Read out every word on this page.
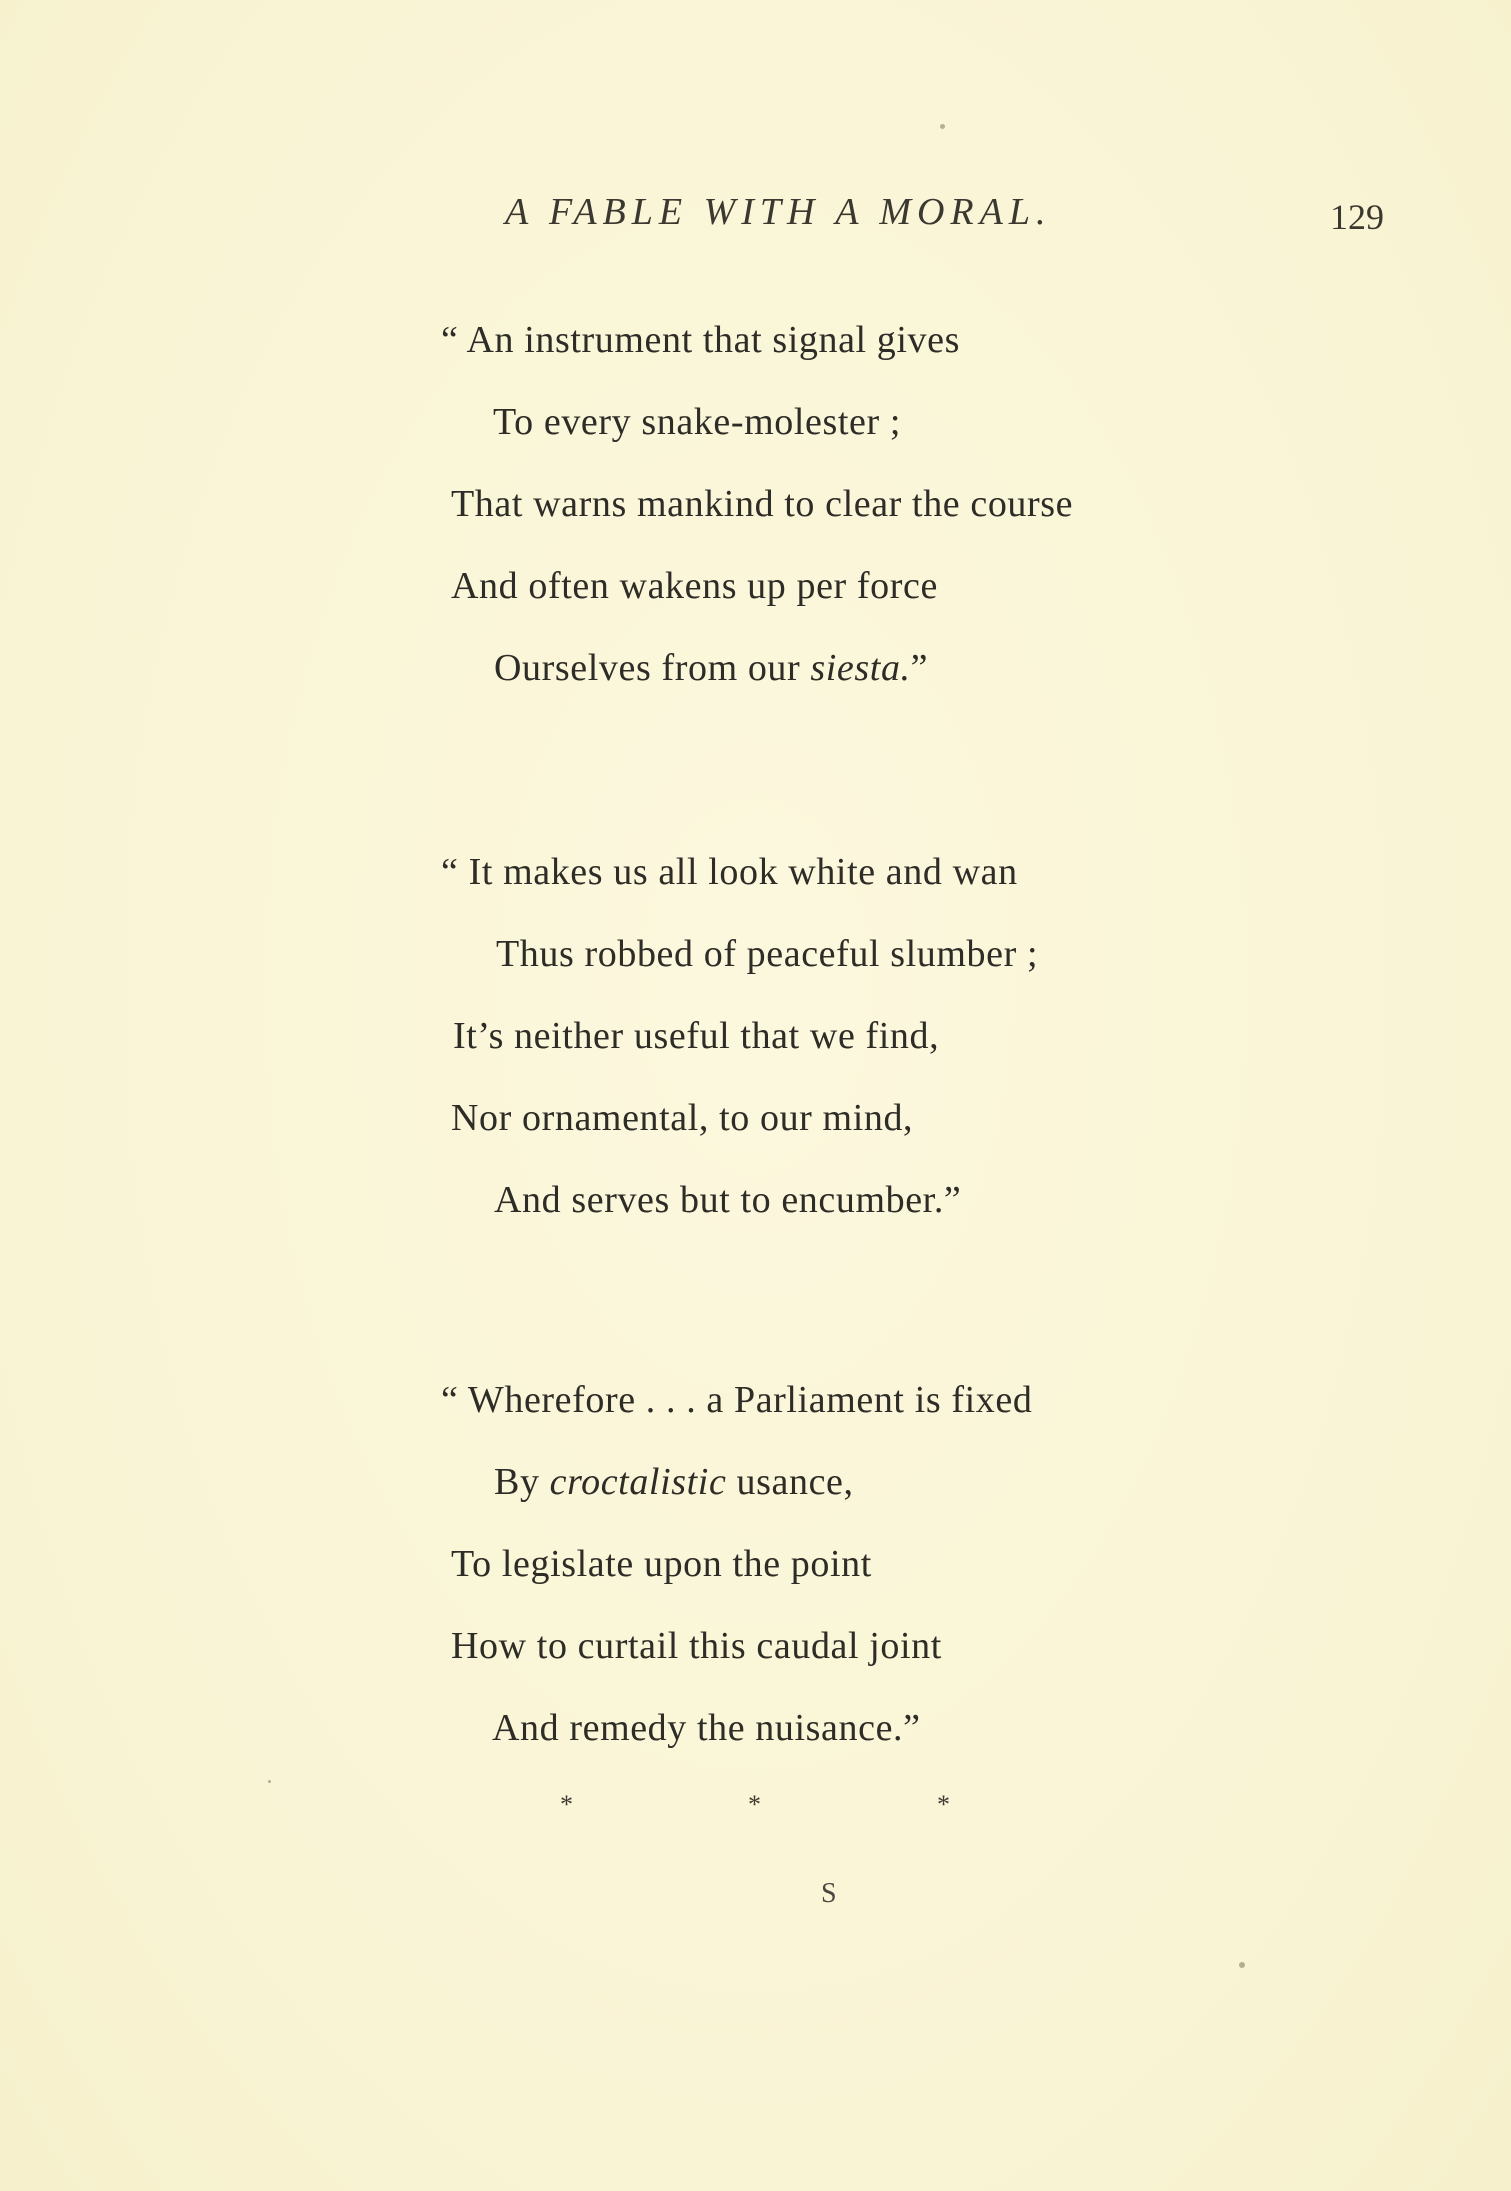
A FABLE WITH A MORAL.	129
“ An instrument that signal gives
To every snake-molester ;
That warns mankind to clear the course
And often wakens up per force
Ourselves from our siesta.”
“ It makes us all look white and wan
Thus robbed of peaceful slumber ;
It’s neither useful that we find,
Nor ornamental, to our mind,
And serves but to encumber.”
“ Wherefore . . . a Parliament is fixed
By croctalistic usance,
To legislate upon the point
How to curtail this caudal joint
And remedy the nuisance.”
*	*	*
S
